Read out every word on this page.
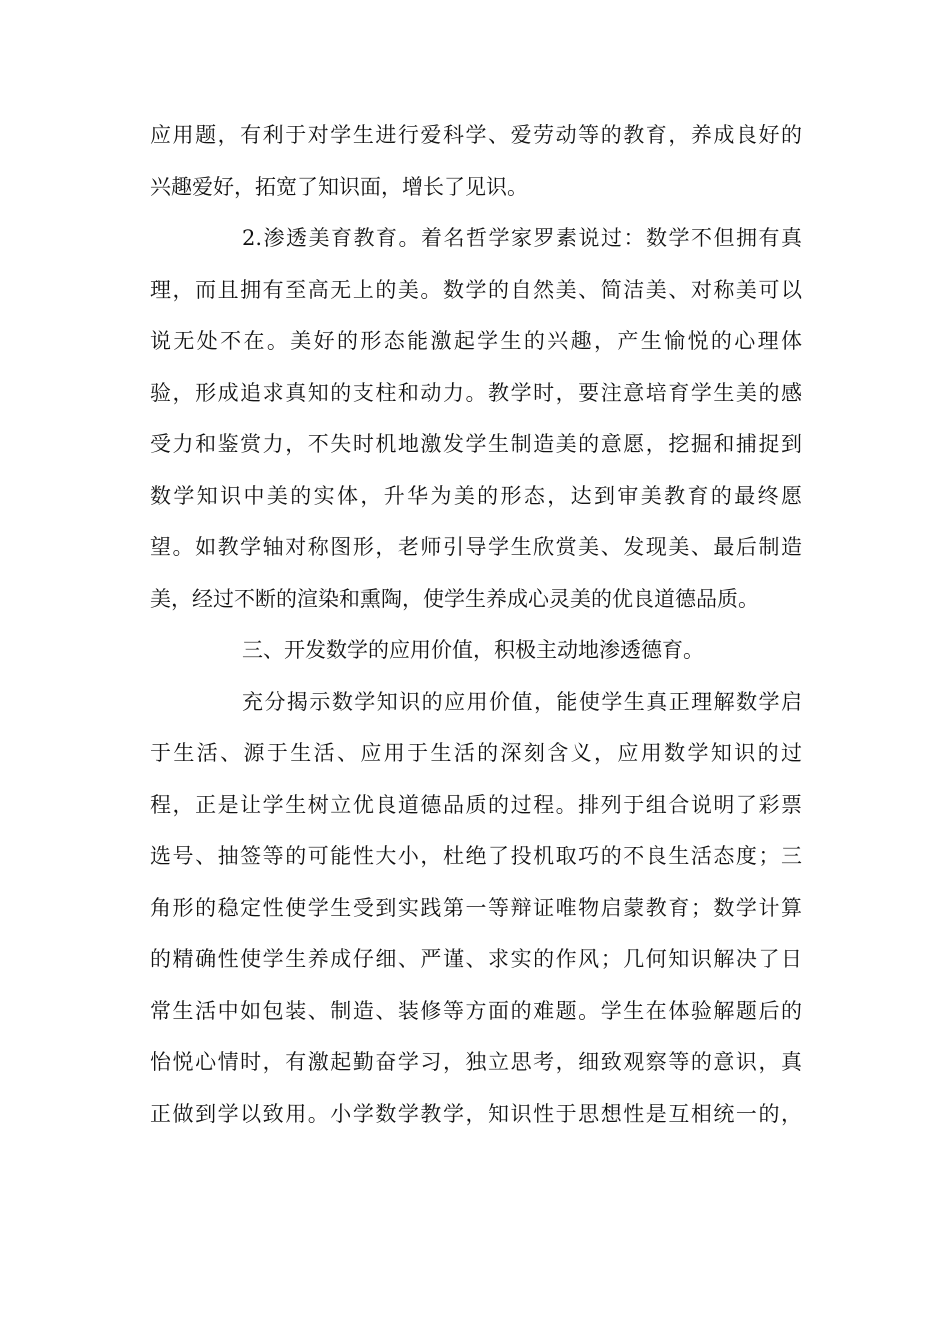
应用题，有利于对学生进行爱科学、爱劳动等的教育，养成良好的
兴趣爱好，拓宽了知识面，增长了见识。
2.渗透美育教育。着名哲学家罗素说过：数学不但拥有真
理，而且拥有至高无上的美。数学的自然美、简洁美、对称美可以
说无处不在。美好的形态能激起学生的兴趣，产生愉悦的心理体
验，形成追求真知的支柱和动力。教学时，要注意培育学生美的感
受力和鉴赏力，不失时机地激发学生制造美的意愿，挖掘和捕捉到
数学知识中美的实体，升华为美的形态，达到审美教育的最终愿
望。如教学轴对称图形，老师引导学生欣赏美、发现美、最后制造
美，经过不断的渲染和熏陶，使学生养成心灵美的优良道德品质。
三、开发数学的应用价值，积极主动地渗透德育。
充分揭示数学知识的应用价值，能使学生真正理解数学启
于生活、源于生活、应用于生活的深刻含义，应用数学知识的过
程，正是让学生树立优良道德品质的过程。排列于组合说明了彩票
选号、抽签等的可能性大小，杜绝了投机取巧的不良生活态度；三
角形的稳定性使学生受到实践第一等辩证唯物启蒙教育；数学计算
的精确性使学生养成仔细、严谨、求实的作风；几何知识解决了日
常生活中如包装、制造、装修等方面的难题。学生在体验解题后的
怡悦心情时，有激起勤奋学习，独立思考，细致观察等的意识，真
正做到学以致用。小学数学教学，知识性于思想性是互相统一的，
